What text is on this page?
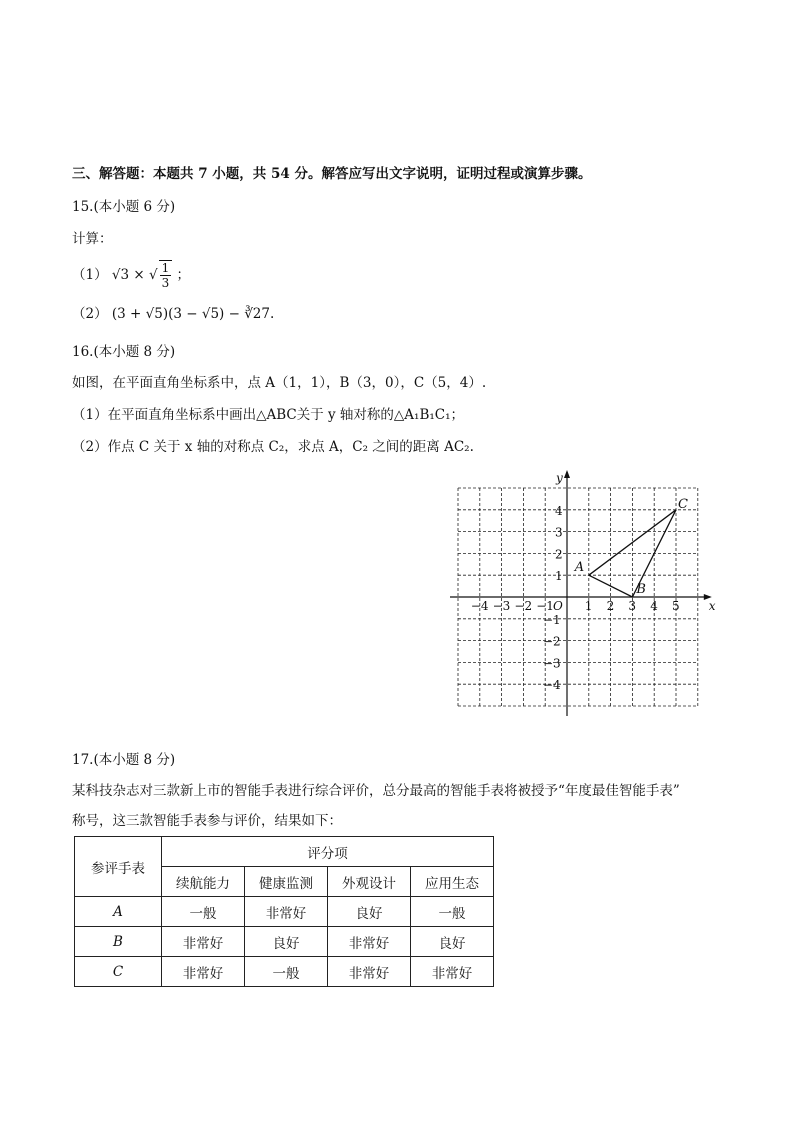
三、解答题：本题共 7 小题，共 54 分。解答应写出文字说明，证明过程或演算步骤。
15.(本小题 6 分)
计算：
（1） √3 × √ $\frac{1}{3}$ ；
（2） (3 + √5)(3 − √5) − ∛27.
16.(本小题 8 分)
如图，在平面直角坐标系中，点 A（1，1），B（3，0），C（5，4）.
（1）在平面直角坐标系中画出△ABC关于 y 轴对称的△A₁B₁C₁；
（2）作点 C 关于 x 轴的对称点 C₂，求点 A，C₂ 之间的距离 AC₂.
x
y
O
−4 −3 −2 −1	1 2 3 4 5
4
3
2
1
−1
−2
−3
−4
A
B
C
17.(本小题 8 分)
某科技杂志对三款新上市的智能手表进行综合评价，总分最高的智能手表将被授予“年度最佳智能手表”
称号，这三款智能手表参与评价，结果如下：
参评手表	评分项			
	续航能力	健康监测	外观设计	应用生态
A	一般	非常好	良好	一般
B	非常好	良好	非常好	良好
C	非常好	一般	非常好	非常好
